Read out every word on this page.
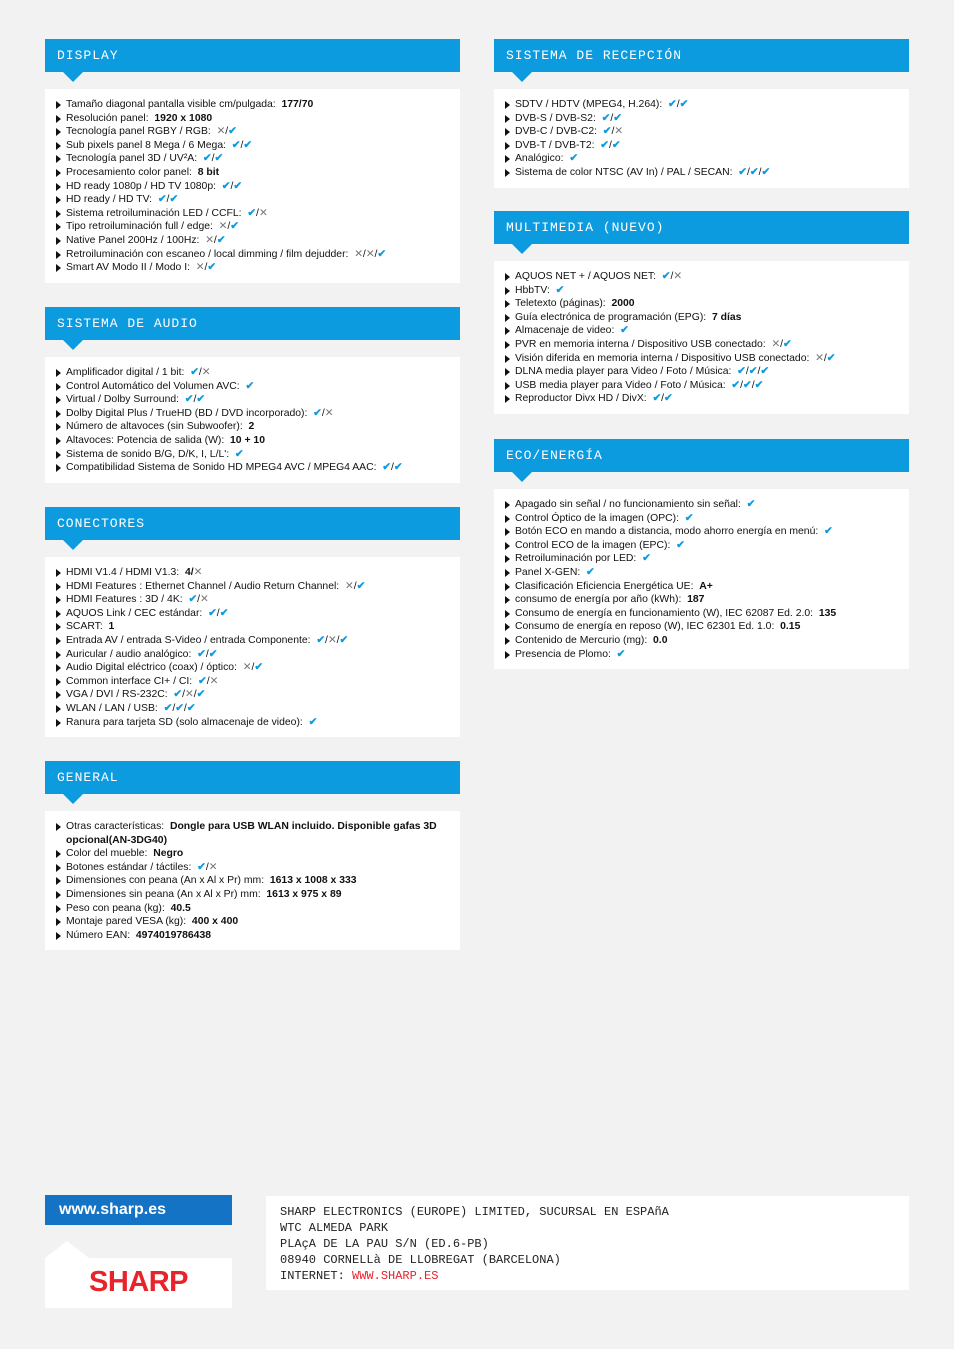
DISPLAY
Tamaño diagonal pantalla visible cm/pulgada: 177/70
Resolución panel: 1920 x 1080
Tecnología panel RGBY / RGB: ✕/✔
Sub pixels panel 8 Mega / 6 Mega: ✔/✔
Tecnología panel 3D / UV²A: ✔/✔
Procesamiento color panel: 8 bit
HD ready 1080p / HD TV 1080p: ✔/✔
HD ready / HD TV: ✔/✔
Sistema retroiluminación LED / CCFL: ✔/✕
Tipo retroiluminación full / edge: ✕/✔
Native Panel 200Hz / 100Hz: ✕/✔
Retroiluminación con escaneo / local dimming / film dejudder: ✕/✕/✔
Smart AV Modo II / Modo I: ✕/✔
SISTEMA DE AUDIO
Amplificador digital / 1 bit: ✔/✕
Control Automático del Volumen AVC: ✔
Virtual / Dolby Surround: ✔/✔
Dolby Digital Plus / TrueHD (BD / DVD incorporado): ✔/✕
Número de altavoces (sin Subwoofer): 2
Altavoces: Potencia de salida (W): 10 + 10
Sistema de sonido B/G, D/K, I, L/L': ✔
Compatibilidad Sistema de Sonido HD MPEG4 AVC / MPEG4 AAC: ✔/✔
CONECTORES
HDMI V1.4 / HDMI V1.3: 4/✕
HDMI Features : Ethernet Channel / Audio Return Channel: ✕/✔
HDMI Features : 3D / 4K: ✔/✕
AQUOS Link / CEC estándar: ✔/✔
SCART: 1
Entrada AV / entrada S-Video / entrada Componente: ✔/✕/✔
Auricular / audio analógico: ✔/✔
Audio Digital eléctrico (coax) / óptico: ✕/✔
Common interface CI+ / CI: ✔/✕
VGA / DVI / RS-232C: ✔/✕/✔
WLAN / LAN / USB: ✔/✔/✔
Ranura para tarjeta SD (solo almacenaje de video): ✔
GENERAL
Otras características: Dongle para USB WLAN incluido. Disponible gafas 3D opcional(AN-3DG40)
Color del mueble: Negro
Botones estándar / táctiles: ✔/✕
Dimensiones con peana (An x Al x Pr) mm: 1613 x 1008 x 333
Dimensiones sin peana (An x Al x Pr) mm: 1613 x 975 x 89
Peso con peana (kg): 40.5
Montaje pared VESA (kg): 400 x 400
Número EAN: 4974019786438
SISTEMA DE RECEPCIÓN
SDTV / HDTV (MPEG4, H.264): ✔/✔
DVB-S / DVB-S2: ✔/✔
DVB-C / DVB-C2: ✔/✕
DVB-T / DVB-T2: ✔/✔
Analógico: ✔
Sistema de color NTSC (AV In) / PAL / SECAN: ✔/✔/✔
MULTIMEDIA (NUEVO)
AQUOS NET + / AQUOS NET: ✔/✕
HbbTV: ✔
Teletexto (páginas): 2000
Guía electrónica de programación (EPG): 7 días
Almacenaje de video: ✔
PVR en memoria interna / Dispositivo USB conectado: ✕/✔
Visión diferida en memoria interna / Dispositivo USB conectado: ✕/✔
DLNA media player para Video / Foto / Música: ✔/✔/✔
USB media player para Video / Foto / Música: ✔/✔/✔
Reproductor Divx HD / DivX: ✔/✔
ECO/ENERGÍA
Apagado sin señal / no funcionamiento sin señal: ✔
Control Óptico de la imagen (OPC): ✔
Botón ECO en mando a distancia, modo ahorro energía en menú: ✔
Control ECO de la imagen (EPC): ✔
Retroiluminación por LED: ✔
Panel X-GEN: ✔
Clasificación Eficiencia Energética UE: A+
consumo de energía por año (kWh): 187
Consumo de energía en funcionamiento (W), IEC 62087 Ed. 2.0: 135
Consumo de energía en reposo (W), IEC 62301 Ed. 1.0: 0.15
Contenido de Mercurio (mg): 0.0
Presencia de Plomo: ✔
www.sharp.es
SHARP
SHARP ELECTRONICS (EUROPE) LIMITED, SUCURSAL EN ESPAñA
WTC ALMEDA PARK
PLAçA DE LA PAU S/N (ED.6-PB)
08940 CORNELLà DE LLOBREGAT (BARCELONA)
INTERNET: WWW.SHARP.ES
